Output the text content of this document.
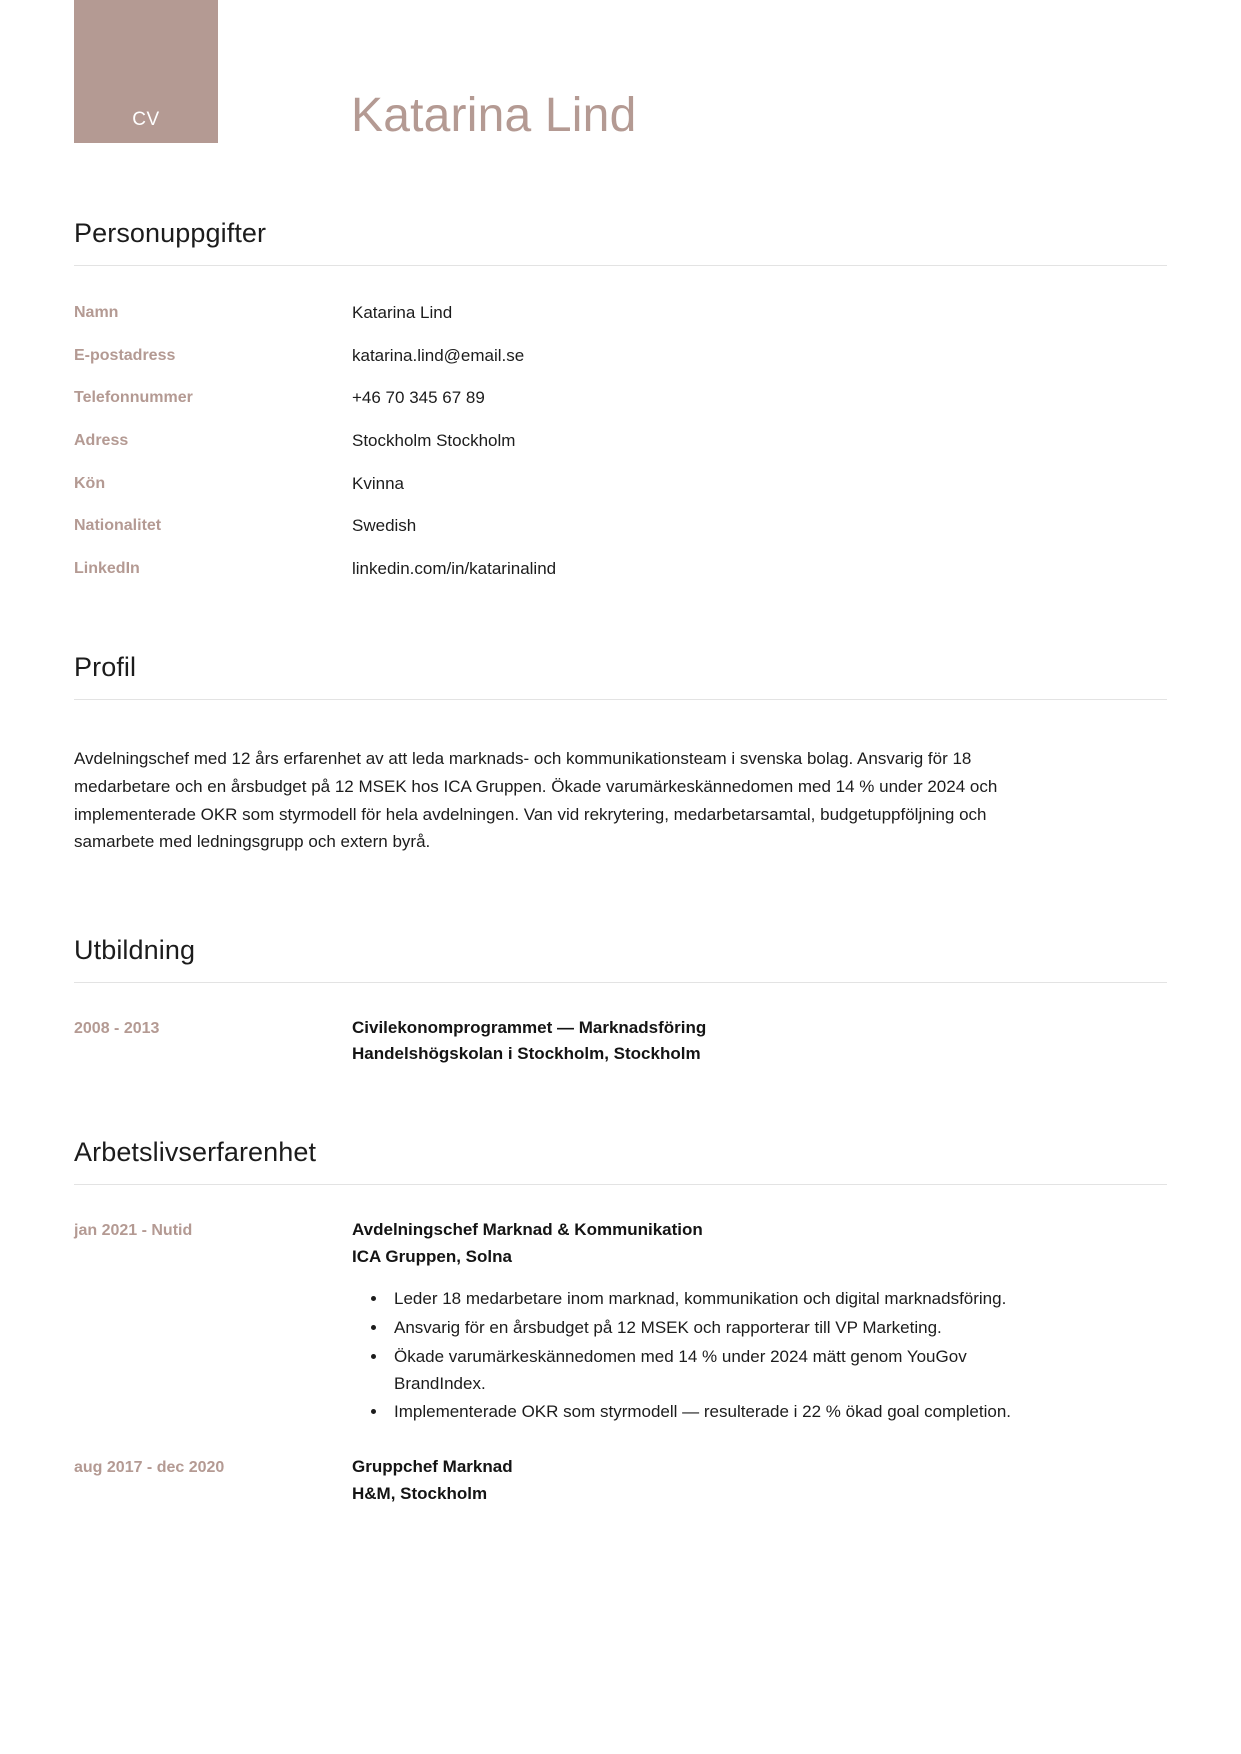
CV	Katarina Lind
Personuppgifter
Namn	Katarina Lind
E-postadress	katarina.lind@email.se
Telefonnummer	+46 70 345 67 89
Adress	Stockholm Stockholm
Kön	Kvinna
Nationalitet	Swedish
LinkedIn	linkedin.com/in/katarinalind
Profil

Avdelningschef med 12 års erfarenhet av att leda marknads- och kommunikationsteam i svenska bolag. Ansvarig för 18 medarbetare och en årsbudget på 12 MSEK hos ICA Gruppen. Ökade varumärkeskännedomen med 14 % under 2024 och implementerade OKR som styrmodell för hela avdelningen. Van vid rekrytering, medarbetarsamtal, budgetuppföljning och samarbete med ledningsgrupp och extern byrå.

Utbildning
2008 - 2013	Civilekonomprogrammet — Marknadsföring
Handelshögskolan i Stockholm, Stockholm
Arbetslivserfarenhet
jan 2021 - Nutid	Avdelningschef Marknad & Kommunikation
ICA Gruppen, Solna
• Leder 18 medarbetare inom marknad, kommunikation och digital marknadsföring.
• Ansvarig för en årsbudget på 12 MSEK och rapporterar till VP Marketing.
• Ökade varumärkeskännedomen med 14 % under 2024 mätt genom YouGov BrandIndex.
• Implementerade OKR som styrmodell — resulterade i 22 % ökad goal completion.
aug 2017 - dec 2020	Gruppchef Marknad
H&M, Stockholm
